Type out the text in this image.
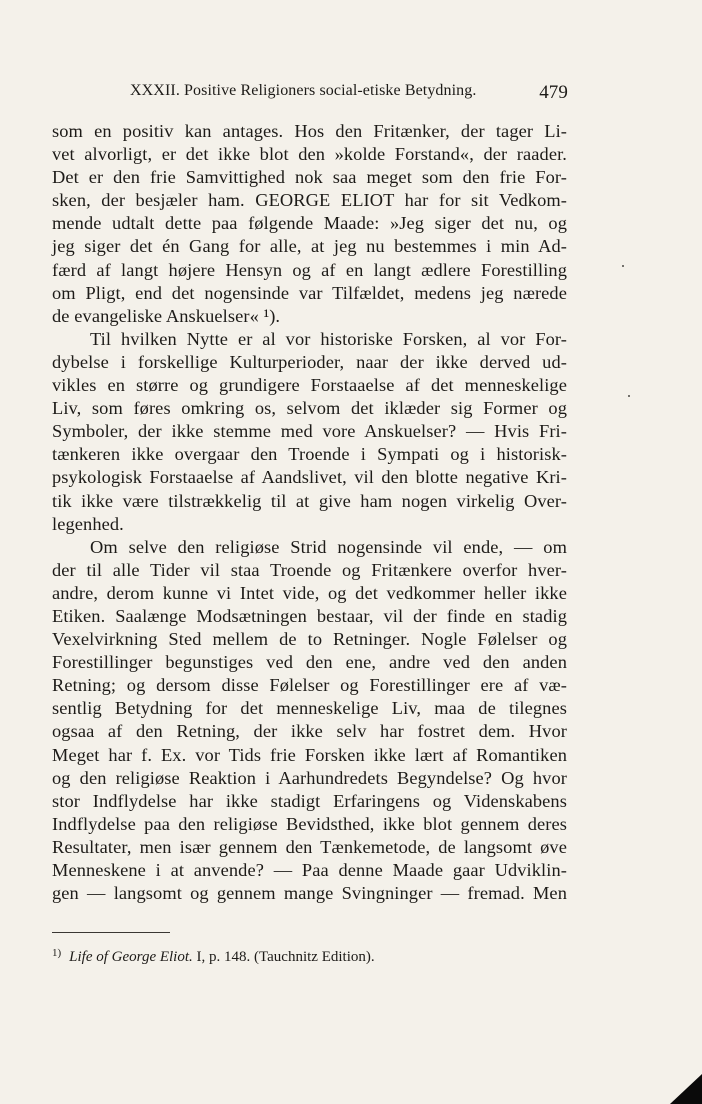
XXXII. Positive Religioners social-etiske Betydning.	479
som en positiv kan antages. Hos den Fritænker, der tager Li-
vet alvorligt, er det ikke blot den »kolde Forstand«, der raader.
Det er den frie Samvittighed nok saa meget som den frie For-
sken, der besjæler ham. GEORGE ELIOT har for sit Vedkom-
mende udtalt dette paa følgende Maade: »Jeg siger det nu, og
jeg siger det én Gang for alle, at jeg nu bestemmes i min Ad-
færd af langt højere Hensyn og af en langt ædlere Forestilling
om Pligt, end det nogensinde var Tilfældet, medens jeg nærede
de evangeliske Anskuelser« ¹).
Til hvilken Nytte er al vor historiske Forsken, al vor For-
dybelse i forskellige Kulturperioder, naar der ikke derved ud-
vikles en større og grundigere Forstaaelse af det menneskelige
Liv, som føres omkring os, selvom det iklæder sig Former og
Symboler, der ikke stemme med vore Anskuelser? — Hvis Fri-
tænkeren ikke overgaar den Troende i Sympati og i historisk-
psykologisk Forstaaelse af Aandslivet, vil den blotte negative Kri-
tik ikke være tilstrækkelig til at give ham nogen virkelig Over-
legenhed.
Om selve den religiøse Strid nogensinde vil ende, — om
der til alle Tider vil staa Troende og Fritænkere overfor hver-
andre, derom kunne vi Intet vide, og det vedkommer heller ikke
Etiken. Saalænge Modsætningen bestaar, vil der finde en stadig
Vexelvirkning Sted mellem de to Retninger. Nogle Følelser og
Forestillinger begunstiges ved den ene, andre ved den anden
Retning; og dersom disse Følelser og Forestillinger ere af væ-
sentlig Betydning for det menneskelige Liv, maa de tilegnes
ogsaa af den Retning, der ikke selv har fostret dem. Hvor
Meget har f. Ex. vor Tids frie Forsken ikke lært af Romantiken
og den religiøse Reaktion i Aarhundredets Begyndelse? Og hvor
stor Indflydelse har ikke stadigt Erfaringens og Videnskabens
Indflydelse paa den religiøse Bevidsthed, ikke blot gennem deres
Resultater, men især gennem den Tænkemetode, de langsomt øve
Menneskene i at anvende? — Paa denne Maade gaar Udviklin-
gen — langsomt og gennem mange Svingninger — fremad. Men
1) Life of George Eliot. I, p. 148. (Tauchnitz Edition).
